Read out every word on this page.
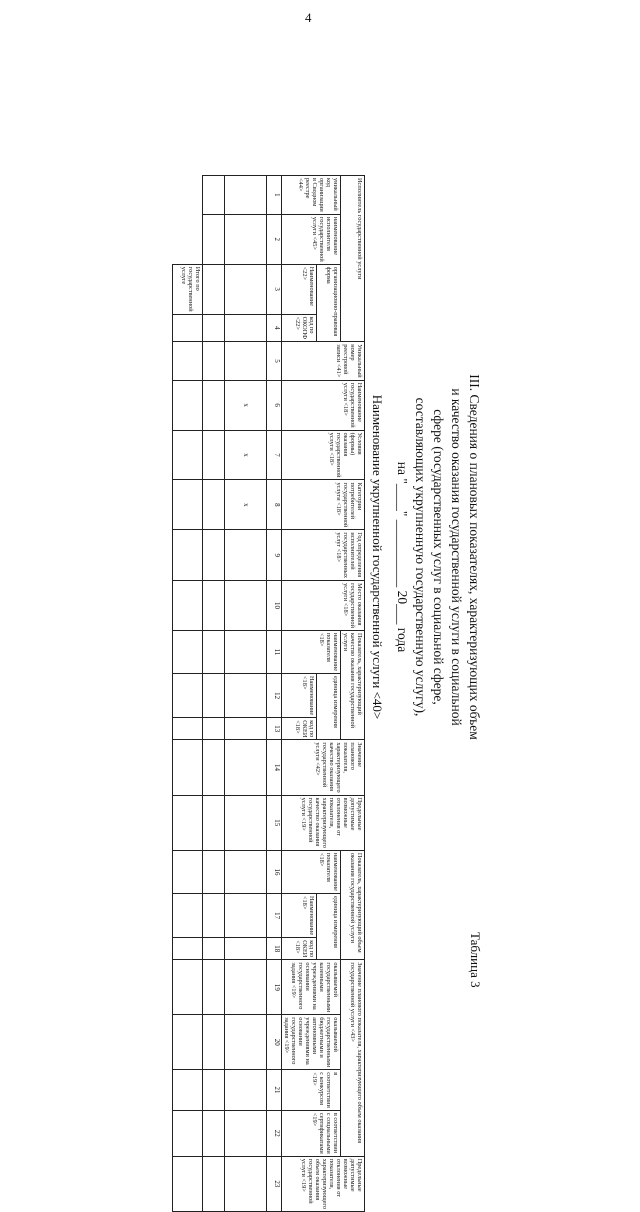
4
III. Сведения о плановых показателях, характеризующих объем
и качество оказания государственной услуги в социальной
сфере (государственных услуг в социальной сфере,
составляющих укрупненную государственную услугу),
на "____" __________ 20___ года
Таблица 3
Наименование укрупненной государственной услуги <40>
Исполнитель государственной услуги				Уникальный номер реестровой записи <41>	Наименование государственной услуги <18>	Условия (формы) оказания государственной услуги <18>	Категории потребителей государственной услуги <18>	Год определения исполнителей государственных услуг <18>	Место оказания государственной услуги <18>	Показатель, характеризующий качество оказания государственной услуги			Значение планового показателя, характеризующего качество оказания государственной услуги <42>	Предельные допустимые возможные отклонения от показателя, характеризующего качество оказания государственной услуги <19>	Показатель, характеризующий объем оказания государственной услуги			Значение планового показателя, характеризующего объем оказания государственной услуги <43>				Предельные допустимые возможные отклонения от показателя, характеризующего объем оказания государственной услуги <19>
уникальный код организации в Сводном реестре <44>	наименование исполнителя государственной услуги <45>	организационно-правовая форма								наименование показателя <18>	единица измерения				наименование показателя <18>	единица измерения		оказываемой государственными казенными учреждениями на основании государственного задания <19>	оказываемой государственными бюджетными и автономными учреждениями на основании государственного задания <19>	в соответствии с конкурсом <19>	в соответствии с социальными сертификатами <19>	
		Наименование <22>	код по ОКОПФ <22>								Наименование <18>	код по ОКЕИ <18>				Наименование <18>	код по ОКЕИ <18>					
1	2	3	4	5	6	7	8	9	10	11	12	13	14	15	16	17	18	19	20	21	22	23
					x	x	x															

		Итого по государственной услуге																				
